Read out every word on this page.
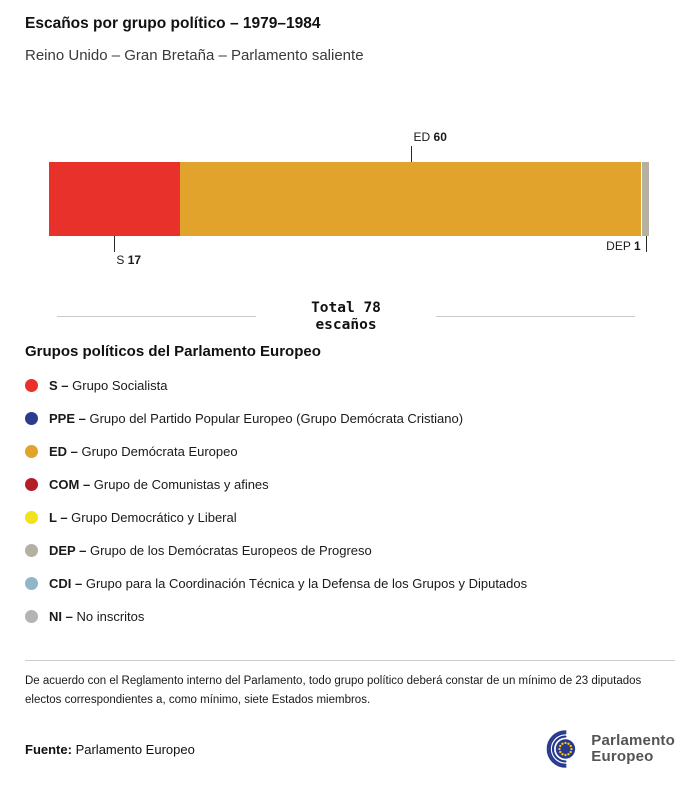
Escaños por grupo político – 1979–1984
Reino Unido – Gran Bretaña – Parlamento saliente
S 17
ED 60
DEP 1
Total 78
escaños
Grupos políticos del Parlamento Europeo
S – Grupo Socialista
PPE – Grupo del Partido Popular Europeo (Grupo Demócrata Cristiano)
ED – Grupo Demócrata Europeo
COM – Grupo de Comunistas y afines
L – Grupo Democrático y Liberal
DEP – Grupo de los Demócratas Europeos de Progreso
CDI – Grupo para la Coordinación Técnica y la Defensa de los Grupos y Diputados
NI – No inscritos

De acuerdo con el Reglamento interno del Parlamento, todo grupo político deberá constar de un mínimo de 23 diputados electos correspondientes a, como mínimo, siete Estados miembros.

Fuente: Parlamento Europeo	Parlamento
Europeo
